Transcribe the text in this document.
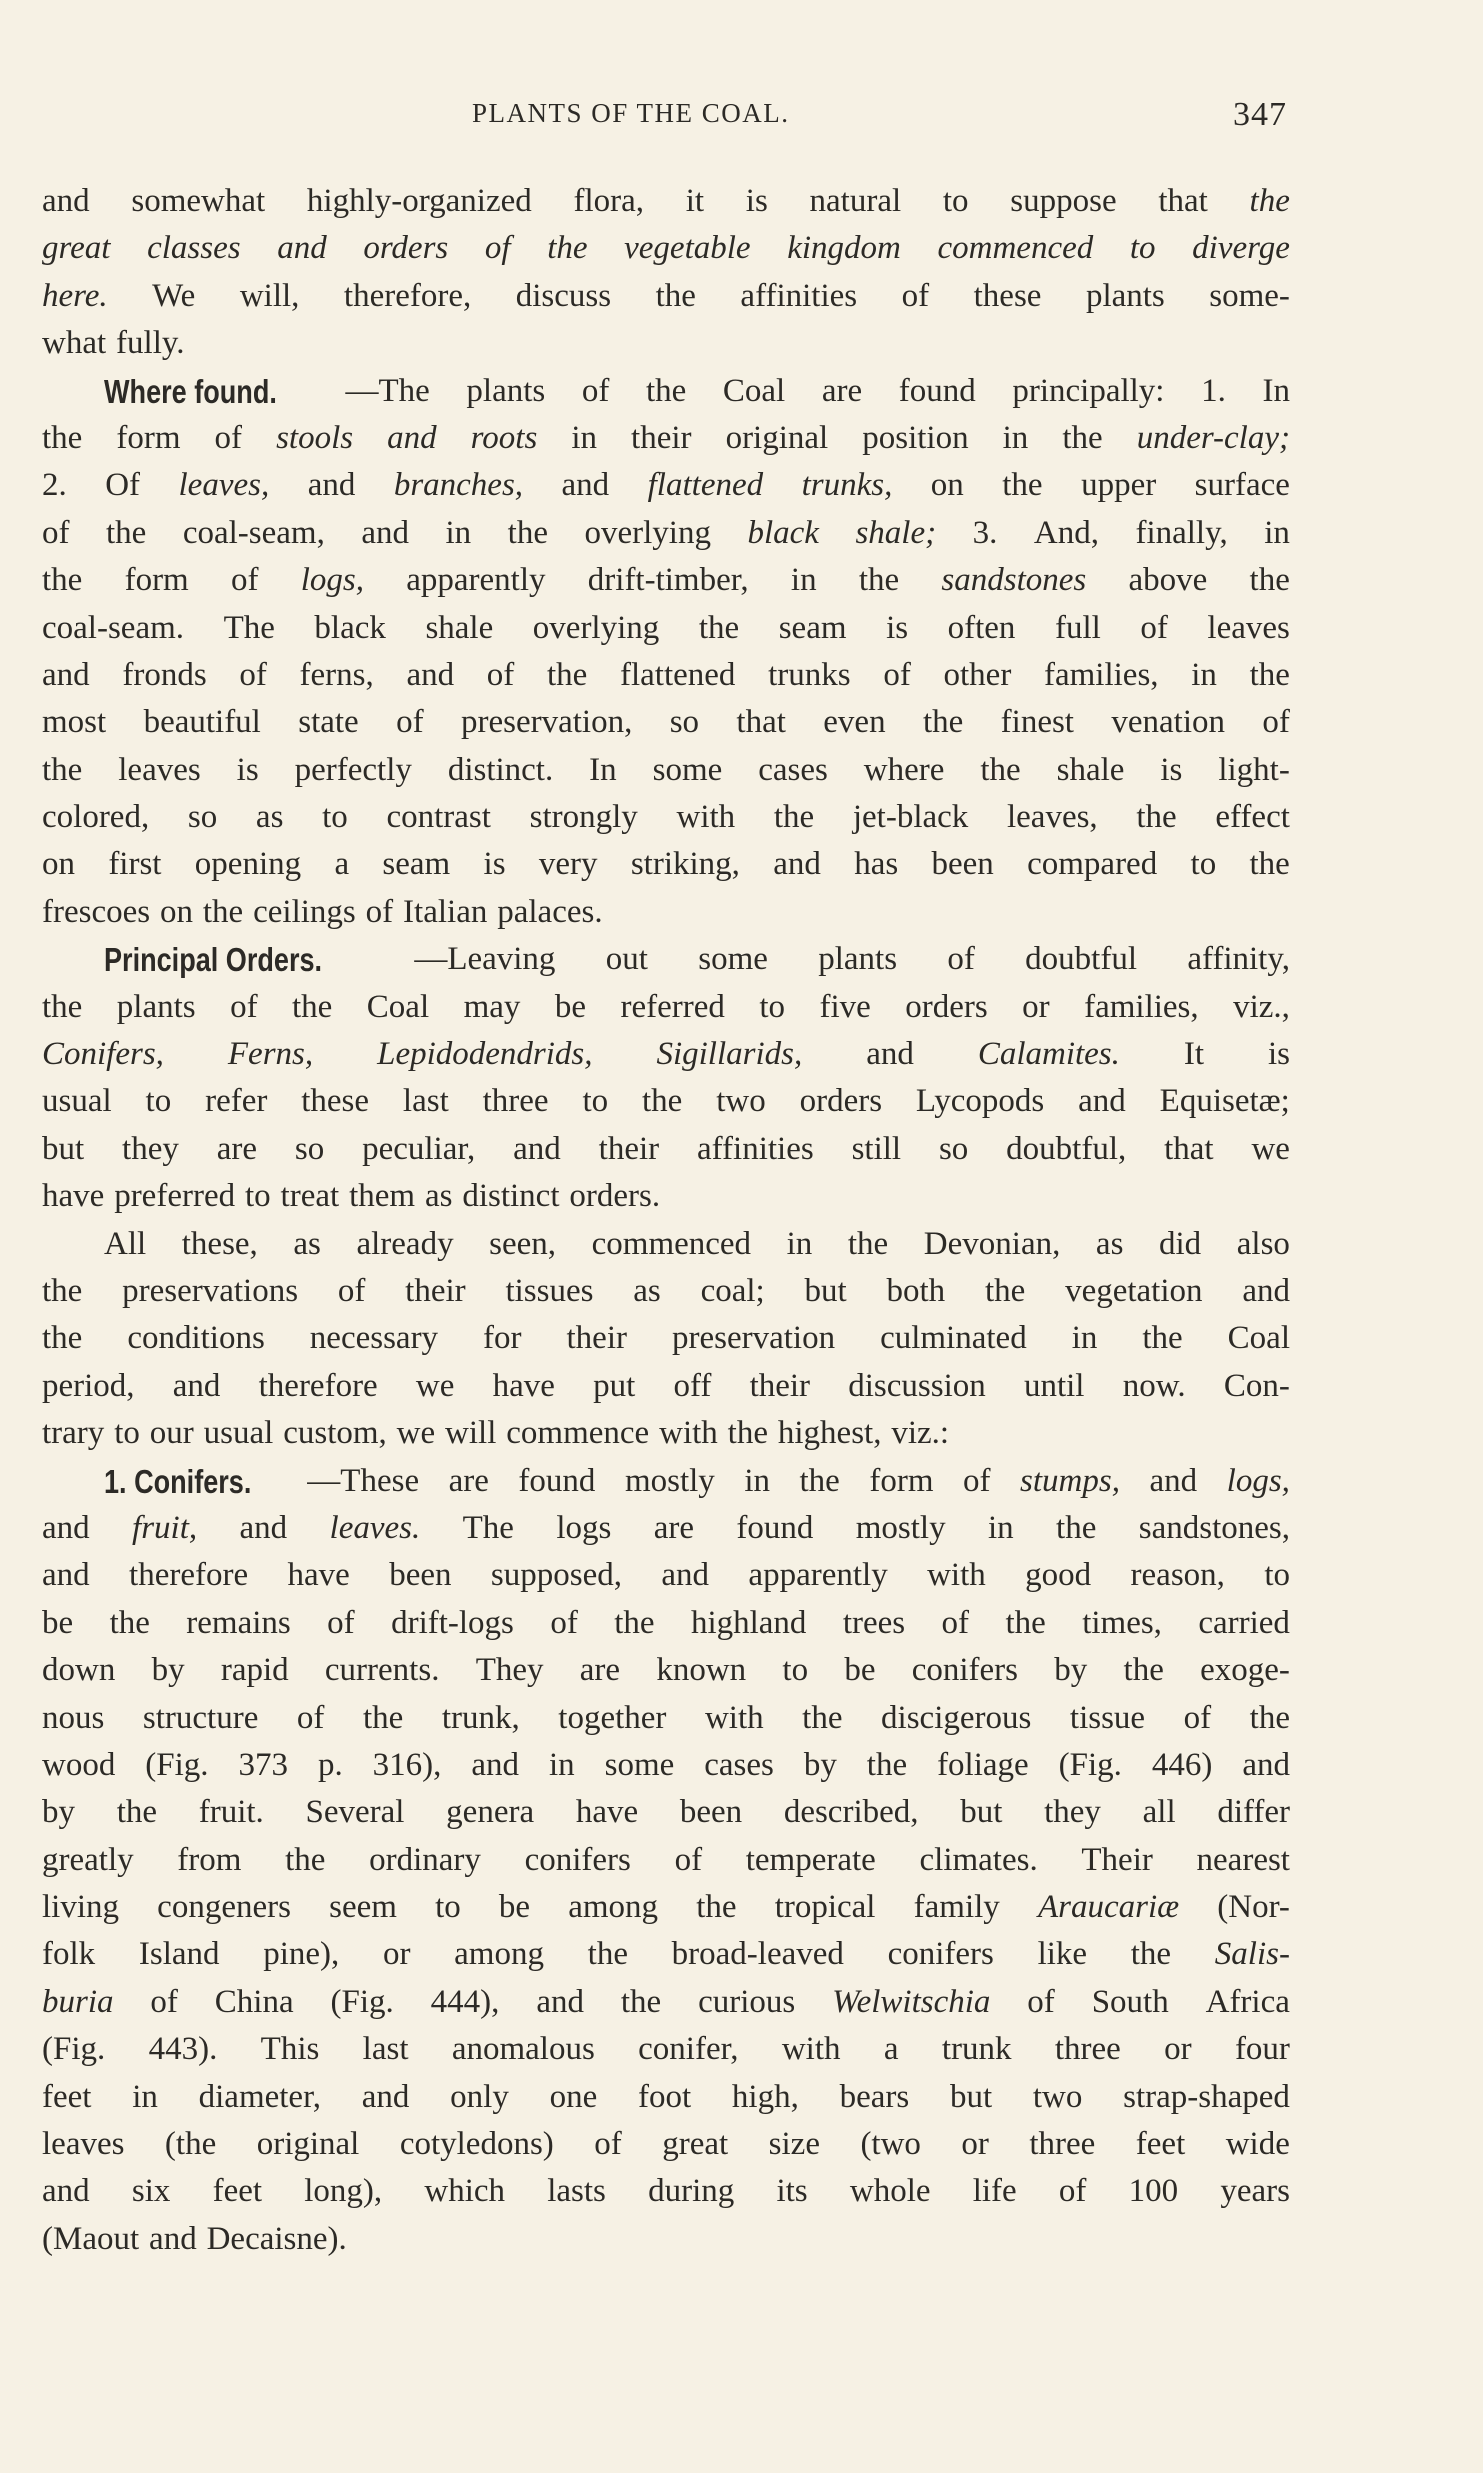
PLANTS OF THE COAL.	347
and somewhat highly-organized flora, it is natural to suppose that the
great classes and orders of the vegetable kingdom commenced to diverge
here. We will, therefore, discuss the affinities of these plants some-
what fully.
Where found. —The plants of the Coal are found principally: 1. In
the form of stools and roots in their original position in the under-clay;
2. Of leaves, and branches, and flattened trunks, on the upper surface
of the coal-seam, and in the overlying black shale; 3. And, finally, in
the form of logs, apparently drift-timber, in the sandstones above the
coal-seam. The black shale overlying the seam is often full of leaves
and fronds of ferns, and of the flattened trunks of other families, in the
most beautiful state of preservation, so that even the finest venation of
the leaves is perfectly distinct. In some cases where the shale is light-
colored, so as to contrast strongly with the jet-black leaves, the effect
on first opening a seam is very striking, and has been compared to the
frescoes on the ceilings of Italian palaces.
Principal Orders.	—Leaving out some plants of doubtful affinity,
the plants of the Coal may be referred to five orders or families, viz.,
Conifers, Ferns, Lepidodendrids, Sigillarids, and Calamites. It is
usual to refer these last three to the two orders Lycopods and Equisetæ;
but they are so peculiar, and their affinities still so doubtful, that we
have preferred to treat them as distinct orders.
All these, as already seen, commenced in the Devonian, as did also
the preservations of their tissues as coal; but both the vegetation and
the conditions necessary for their preservation culminated in the Coal
period, and therefore we have put off their discussion until now. Con-
trary to our usual custom, we will commence with the highest, viz.:
1. Conifers. —These are found mostly in the form of stumps, and logs,
and fruit, and leaves. The logs are found mostly in the sandstones,
and therefore have been supposed, and apparently with good reason, to
be the remains of drift-logs of the highland trees of the times, carried
down by rapid currents. They are known to be conifers by the exoge-
nous structure of the trunk, together with the discigerous tissue of the
wood (Fig. 373 p. 316), and in some cases by the foliage (Fig. 446) and
by the fruit. Several genera have been described, but they all differ
greatly from the ordinary conifers of temperate climates. Their nearest
living congeners seem to be among the tropical family Araucariæ (Nor-
folk Island pine), or among the broad-leaved conifers like the Salis-
buria of China (Fig. 444), and the curious Welwitschia of South Africa
(Fig. 443). This last anomalous conifer, with a trunk three or four
feet in diameter, and only one foot high, bears but two strap-shaped
leaves (the original cotyledons) of great size (two or three feet wide
and six feet long), which lasts during its whole life of 100 years
(Maout and Decaisne).
